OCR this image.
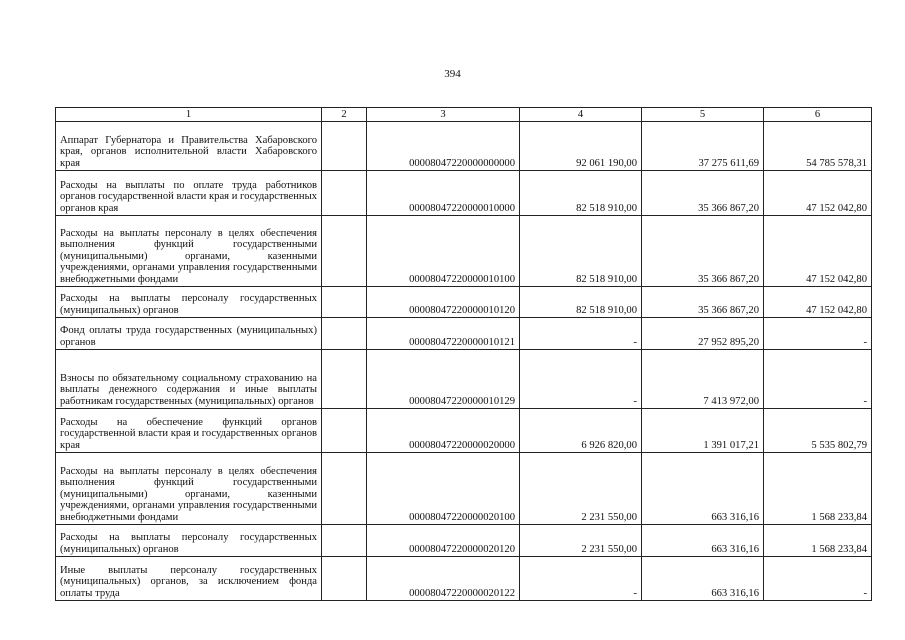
394
1	2	3	4	5	6
Аппарат Губернатора и Правительства Хабаровского края, органов исполнительной власти Хабаровского края		00008047220000000000	92 061 190,00	37 275 611,69	54 785 578,31
Расходы на выплаты по оплате труда работников органов государственной власти края и государственных органов края		00008047220000010000	82 518 910,00	35 366 867,20	47 152 042,80
Расходы на выплаты персоналу в целях обеспечения выполнения функций государственными (муниципальными) органами, казенными учреждениями, органами управления государственными внебюджетными фондами		00008047220000010100	82 518 910,00	35 366 867,20	47 152 042,80
Расходы на выплаты персоналу государственных (муниципальных) органов		00008047220000010120	82 518 910,00	35 366 867,20	47 152 042,80
Фонд оплаты труда государственных (муниципальных) органов		00008047220000010121	-	27 952 895,20	-
Взносы по обязательному социальному страхованию на выплаты денежного содержания и иные выплаты работникам государственных (муниципальных) органов		00008047220000010129	-	7 413 972,00	-
Расходы на обеспечение функций органов государственной власти края и государственных органов края		00008047220000020000	6 926 820,00	1 391 017,21	5 535 802,79
Расходы на выплаты персоналу в целях обеспечения выполнения функций государственными (муниципальными) органами, казенными учреждениями, органами управления государственными внебюджетными фондами		00008047220000020100	2 231 550,00	663 316,16	1 568 233,84
Расходы на выплаты персоналу государственных (муниципальных) органов		00008047220000020120	2 231 550,00	663 316,16	1 568 233,84
Иные выплаты персоналу государственных (муниципальных) органов, за исключением фонда оплаты труда		00008047220000020122	-	663 316,16	-
